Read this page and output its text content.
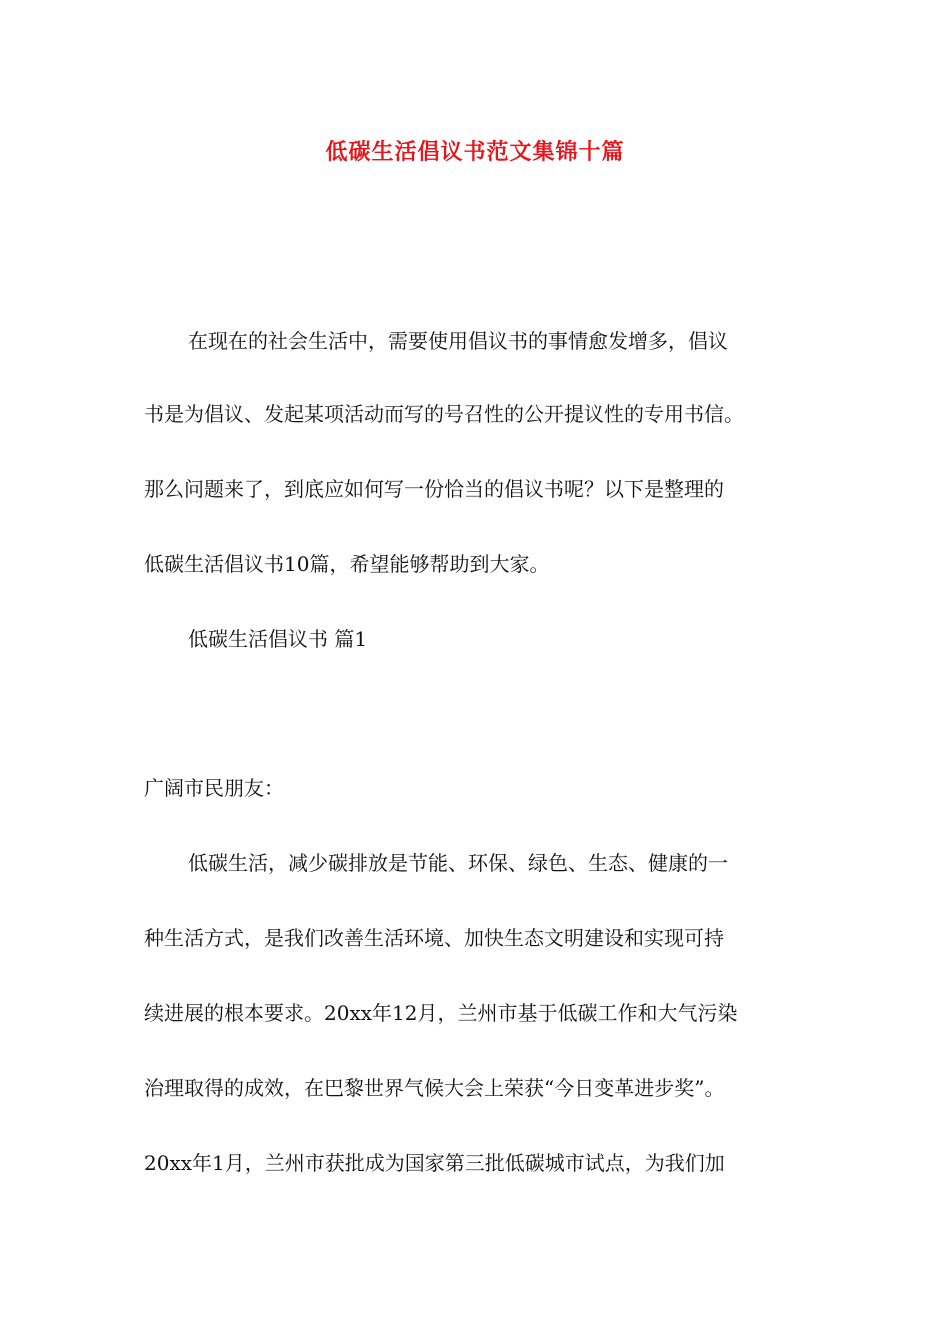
低碳生活倡议书范文集锦十篇

在现在的社会生活中，需要使用倡议书的事情愈发增多，倡议

书是为倡议、发起某项活动而写的号召性的公开提议性的专用书信。

那么问题来了，到底应如何写一份恰当的倡议书呢？以下是整理的

低碳生活倡议书10篇，希望能够帮助到大家。

低碳生活倡议书 篇1

广阔市民朋友：

低碳生活，减少碳排放是节能、环保、绿色、生态、健康的一

种生活方式，是我们改善生活环境、加快生态文明建设和实现可持

续进展的根本要求。20xx年12月，兰州市基于低碳工作和大气污染

治理取得的成效，在巴黎世界气候大会上荣获“今日变革进步奖”。

20xx年1月，兰州市获批成为国家第三批低碳城市试点，为我们加
